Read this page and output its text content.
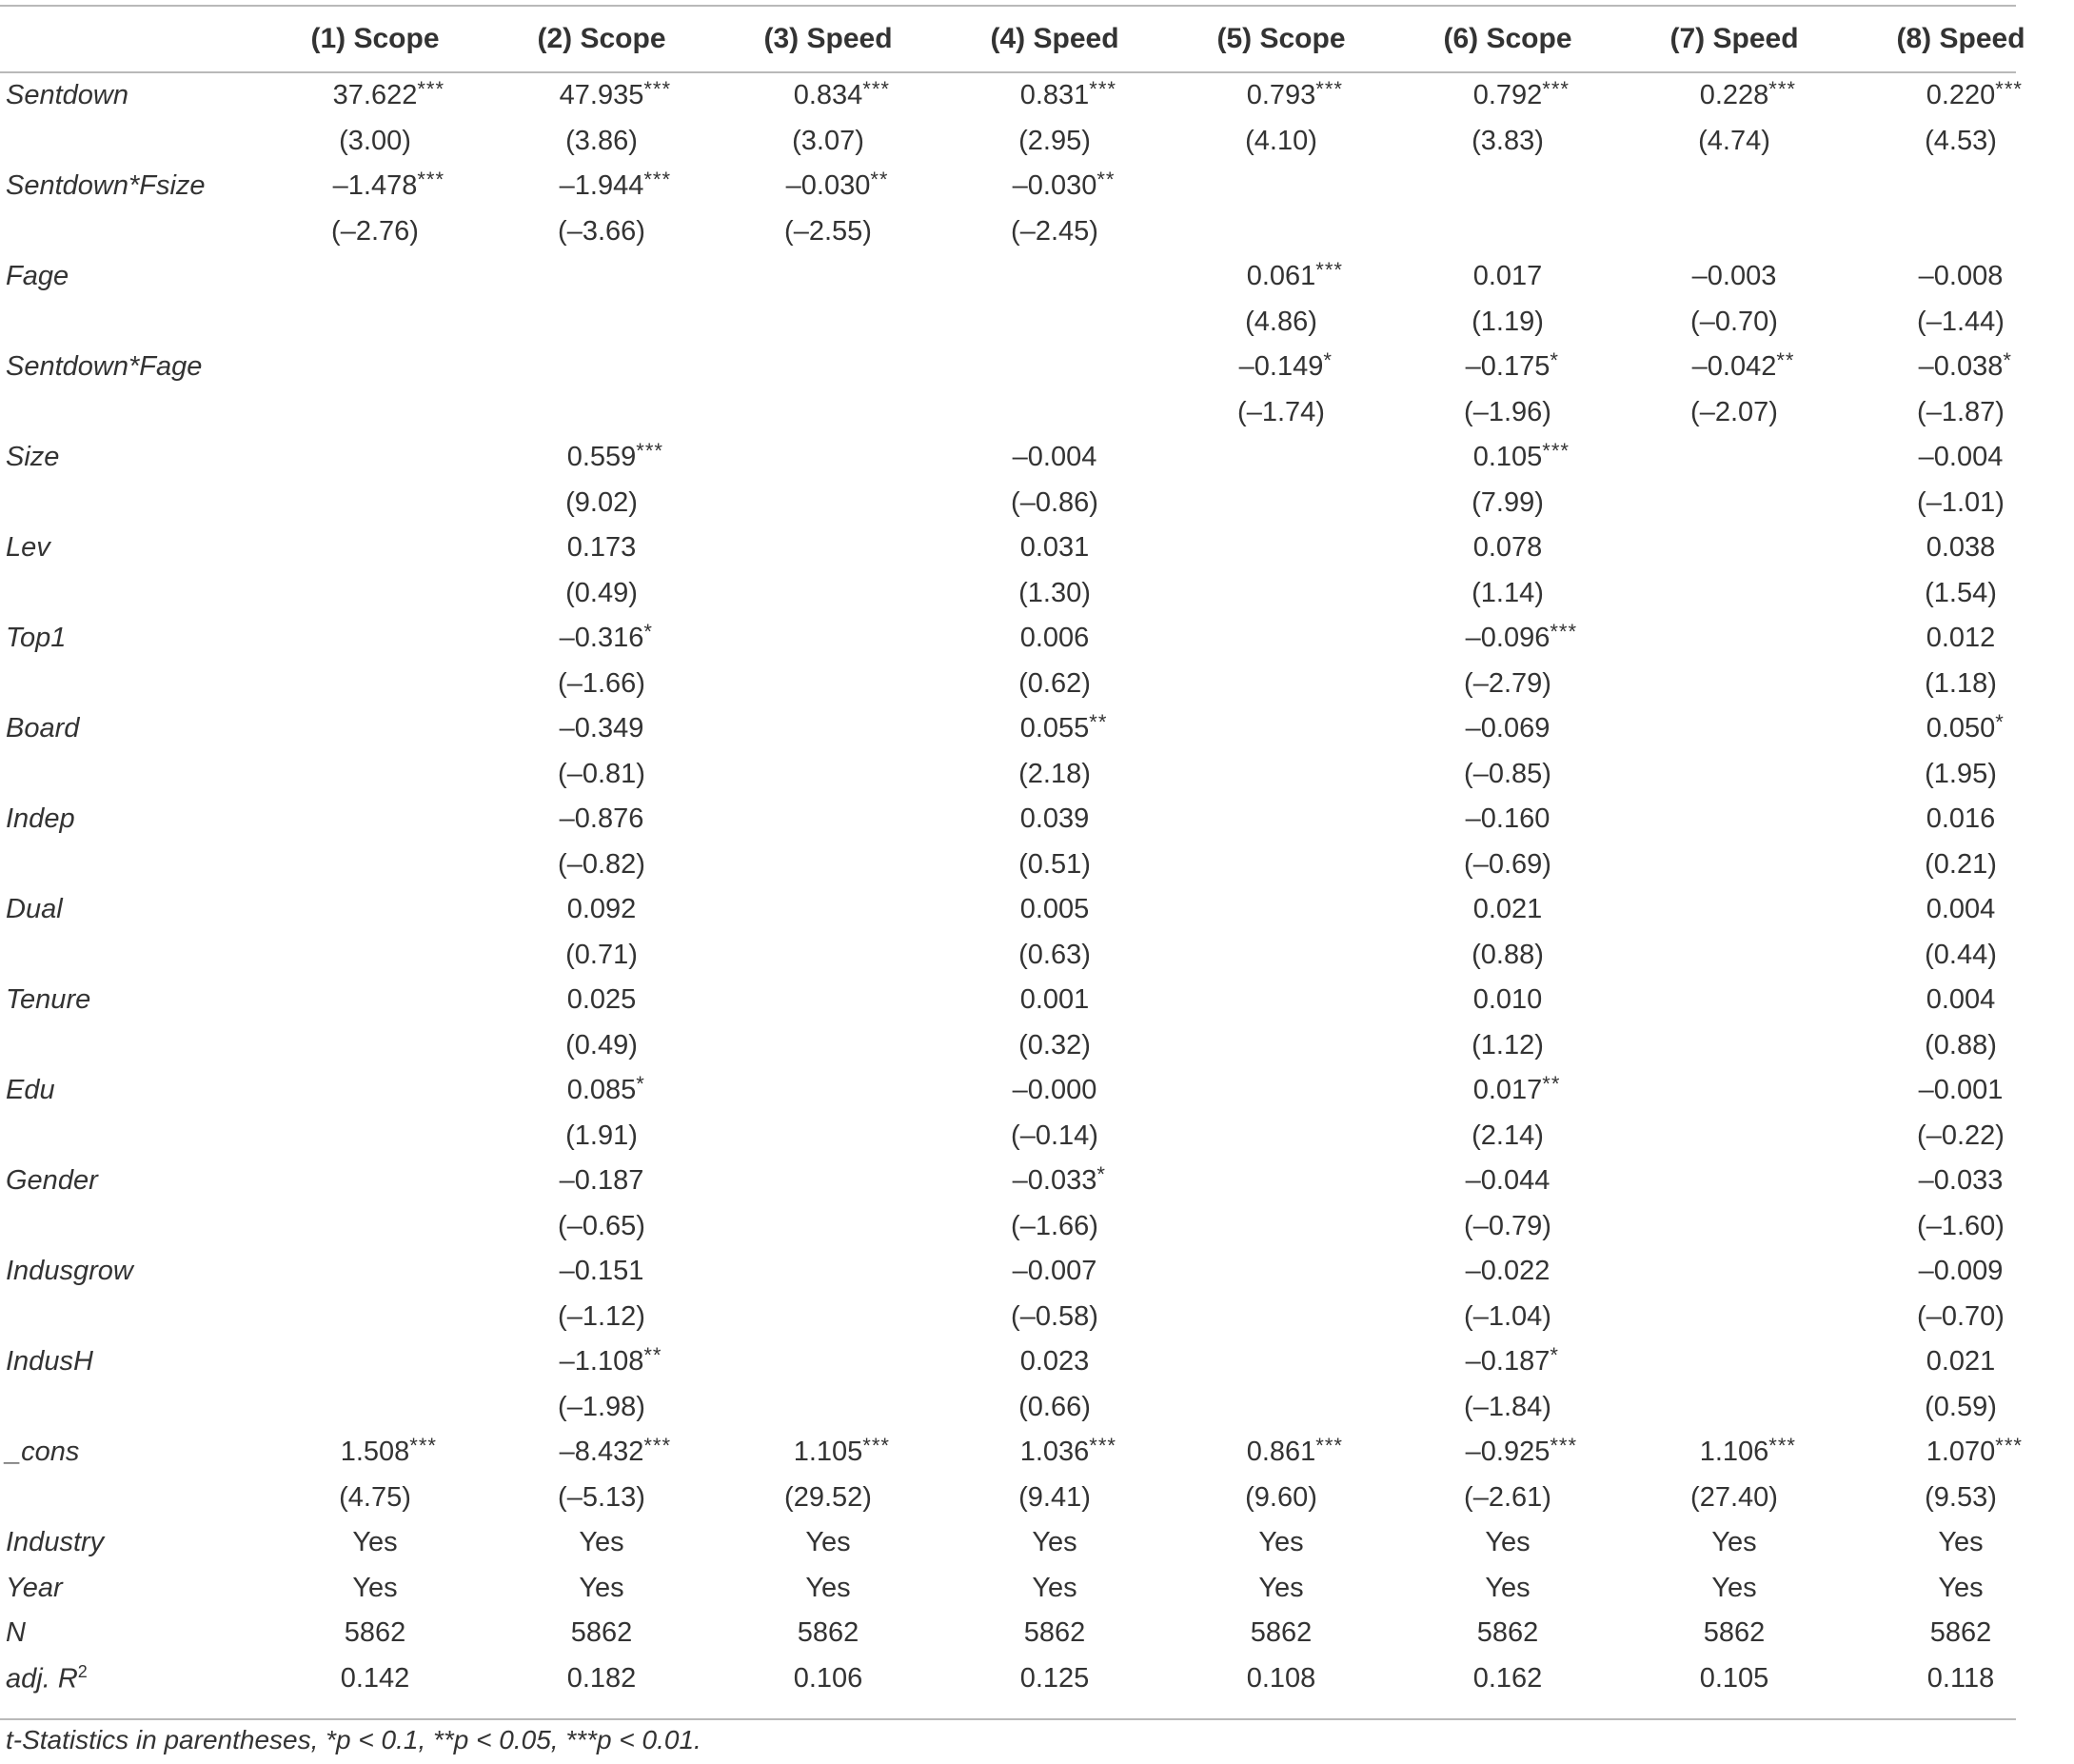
	(1) Scope	(2) Scope	(3) Speed	(4) Speed	(5) Scope	(6) Scope	(7) Speed	(8) Speed

Sentdown	37.622 ***	47.935 ***	0.834 ***	0.831 ***	0.793 ***	0.792 ***	0.228 ***	0.220 ***

	(3.00)	(3.86)	(3.07)	(2.95)	(4.10)	(3.83)	(4.74)	(4.53)
Sentdown*Fsize	–1.478 ***	–1.944 ***	–0.030 **	–0.030 **				

	(–2.76)	(–3.66)	(–2.55)	(–2.45)				
Fage					0.061 ***	0.017	–0.003	–0.008
					(4.86)	(1.19)	(–0.70)	(–1.44)
Sentdown*Fage					–0.149 *	–0.175 *	–0.042 **	–0.038 *

					(–1.74)	(–1.96)	(–2.07)	(–1.87)
Size		0.559 ***		–0.004		0.105 ***		–0.004
		(9.02)		(–0.86)		(7.99)		(–1.01)
Lev		0.173		0.031		0.078		0.038
		(0.49)		(1.30)		(1.14)		(1.54)
Top1		–0.316 *		0.006		–0.096 ***		0.012
		(–1.66)		(0.62)		(–2.79)		(1.18)
Board		–0.349		0.055 **		–0.069		0.050 *

		(–0.81)		(2.18)		(–0.85)		(1.95)
Indep		–0.876		0.039		–0.160		0.016
		(–0.82)		(0.51)		(–0.69)		(0.21)
Dual		0.092		0.005		0.021		0.004
		(0.71)		(0.63)		(0.88)		(0.44)
Tenure		0.025		0.001		0.010		0.004
		(0.49)		(0.32)		(1.12)		(0.88)
Edu		0.085 *		–0.000		0.017 **		–0.001
		(1.91)		(–0.14)		(2.14)		(–0.22)
Gender		–0.187		–0.033 *		–0.044		–0.033
		(–0.65)		(–1.66)		(–0.79)		(–1.60)
Indusgrow		–0.151		–0.007		–0.022		–0.009
		(–1.12)		(–0.58)		(–1.04)		(–0.70)
IndusH		–1.108 **		0.023		–0.187 *		0.021
		(–1.98)		(0.66)		(–1.84)		(0.59)
_cons	1.508 ***	–8.432 ***	1.105 ***	1.036 ***	0.861 ***	–0.925 ***	1.106 ***	1.070 ***

	(4.75)	(–5.13)	(29.52)	(9.41)	(9.60)	(–2.61)	(27.40)	(9.53)
Industry	Yes	Yes	Yes	Yes	Yes	Yes	Yes	Yes
Year	Yes	Yes	Yes	Yes	Yes	Yes	Yes	Yes
N	5862	5862	5862	5862	5862	5862	5862	5862
adj. $R^2$	0.142	0.182	0.106	0.125	0.108	0.162	0.105	0.118
t-Statistics in parentheses, *p < 0.1, **p < 0.05, ***p < 0.01.
